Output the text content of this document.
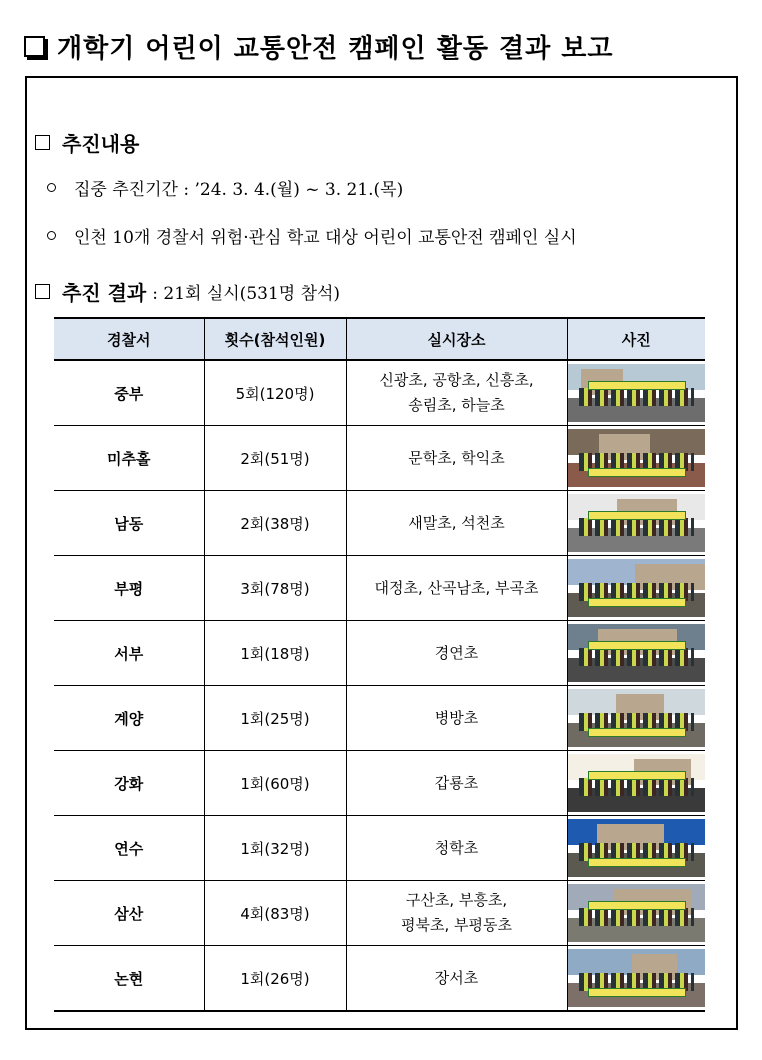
개학기 어린이 교통안전 캠페인 활동 결과 보고
추진내용
집중 추진기간 : ’24. 3. 4.(월) ~ 3. 21.(목)
인천 10개 경찰서 위험·관심 학교 대상 어린이 교통안전 캠페인 실시
추진 결과 : 21회 실시(531명 참석)
경찰서	횟수(참석인원)	실시장소	사진
중부	5회(120명)	신광초, 공항초, 신흥초,
송림초, 하늘초	

미추홀	2회(51명)	문학초, 학익초	

남동	2회(38명)	새말초, 석천초	

부평	3회(78명)	대정초, 산곡남초, 부곡초	

서부	1회(18명)	경연초	

계양	1회(25명)	병방초	

강화	1회(60명)	갑룡초	

연수	1회(32명)	청학초	

삼산	4회(83명)	구산초, 부흥초,
평북초, 부평동초	

논현	1회(26명)	장서초	
